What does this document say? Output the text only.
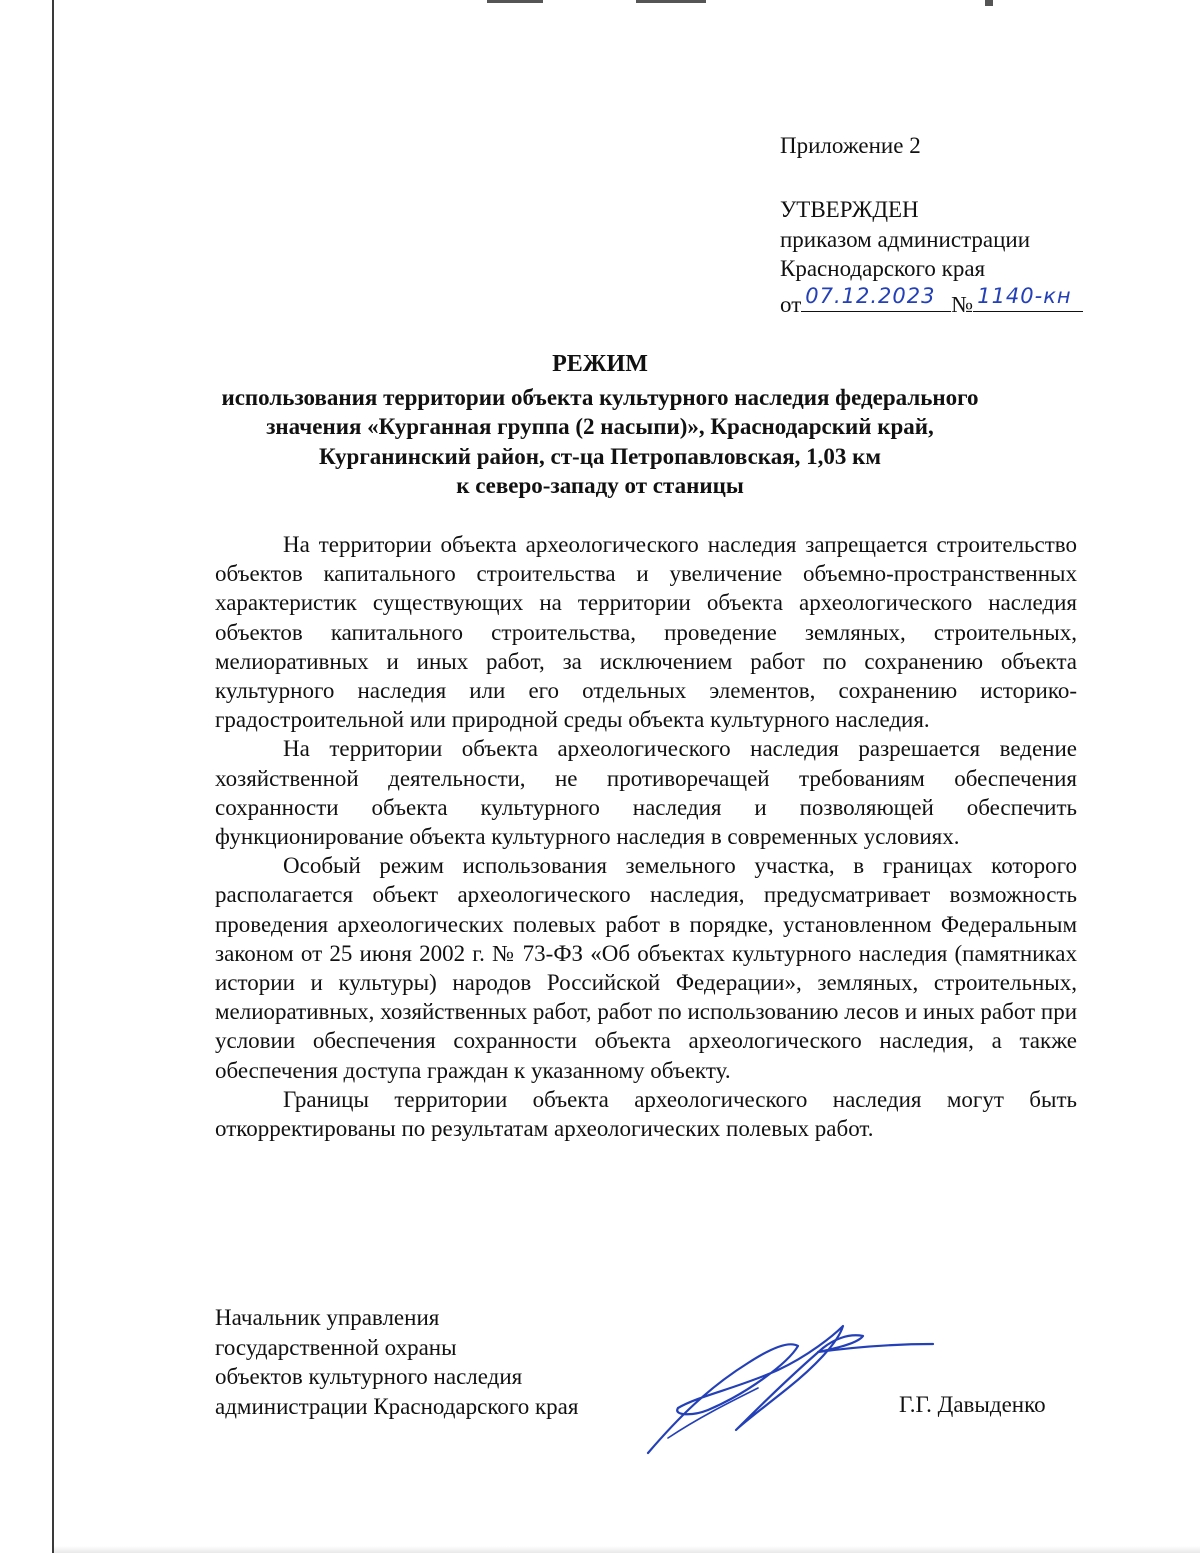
Приложение 2
УТВЕРЖДЕН
приказом администрации
Краснодарского края
от 07.12.2023 № 1140-кн
РЕЖИМ
использования территории объекта культурного наследия федерального
значения «Курганная группа (2 насыпи)», Краснодарский край,
Курганинский район, ст-ца Петропавловская, 1,03 км
к северо-западу от станицы

На территории объекта археологического наследия запрещается строительство объектов капитального строительства и увеличение объемно-пространственных характеристик существующих на территории объекта археологического наследия объектов капитального строительства, проведение земляных, строительных, мелиоративных и иных работ, за исключением работ по сохранению объекта культурного наследия или его отдельных элементов, сохранению историко-градостроительной или природной среды объекта культурного наследия.

На территории объекта археологического наследия разрешается ведение хозяйственной деятельности, не противоречащей требованиям обеспечения сохранности объекта культурного наследия и позволяющей обеспечить функционирование объекта культурного наследия в современных условиях.

Особый режим использования земельного участка, в границах которого располагается объект археологического наследия, предусматривает возможность проведения археологических полевых работ в порядке, установленном Федеральным законом от 25 июня 2002 г. № 73-ФЗ «Об объектах культурного наследия (памятниках истории и культуры) народов Российской Федерации», земляных, строительных, мелиоративных, хозяйственных работ, работ по использованию лесов и иных работ при условии обеспечения сохранности объекта археологического наследия, а также обеспечения доступа граждан к указанному объекту.

Границы территории объекта археологического наследия могут быть откорректированы по результатам археологических полевых работ.

Начальник управления
государственной охраны
объектов культурного наследия
администрации Краснодарского края	Г.Г. Давыденко
